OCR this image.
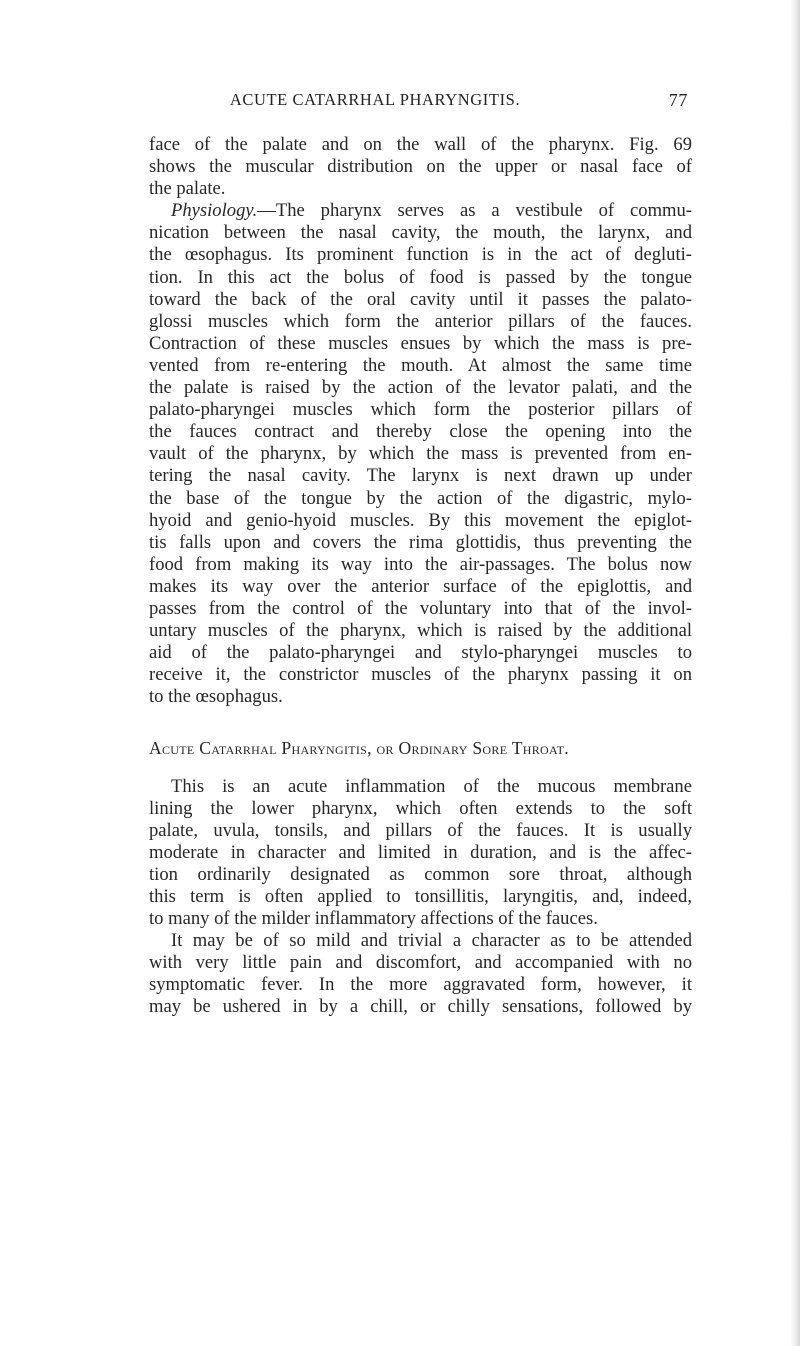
ACUTE CATARRHAL PHARYNGITIS.	77
face of the palate and on the wall of the pharynx. Fig. 69
shows the muscular distribution on the upper or nasal face of
the palate.
Physiology.—The pharynx serves as a vestibule of commu-
nication between the nasal cavity, the mouth, the larynx, and
the œsophagus. Its prominent function is in the act of degluti-
tion. In this act the bolus of food is passed by the tongue
toward the back of the oral cavity until it passes the palato-
glossi muscles which form the anterior pillars of the fauces.
Contraction of these muscles ensues by which the mass is pre-
vented from re-entering the mouth. At almost the same time
the palate is raised by the action of the levator palati, and the
palato-pharyngei muscles which form the posterior pillars of
the fauces contract and thereby close the opening into the
vault of the pharynx, by which the mass is prevented from en-
tering the nasal cavity. The larynx is next drawn up under
the base of the tongue by the action of the digastric, mylo-
hyoid and genio-hyoid muscles. By this movement the epiglot-
tis falls upon and covers the rima glottidis, thus preventing the
food from making its way into the air-passages. The bolus now
makes its way over the anterior surface of the epiglottis, and
passes from the control of the voluntary into that of the invol-
untary muscles of the pharynx, which is raised by the additional
aid of the palato-pharyngei and stylo-pharyngei muscles to
receive it, the constrictor muscles of the pharynx passing it on
to the œsophagus.
Acute Catarrhal Pharyngitis, or Ordinary Sore Throat.
This is an acute inflammation of the mucous membrane
lining the lower pharynx, which often extends to the soft
palate, uvula, tonsils, and pillars of the fauces. It is usually
moderate in character and limited in duration, and is the affec-
tion ordinarily designated as common sore throat, although
this term is often applied to tonsillitis, laryngitis, and, indeed,
to many of the milder inflammatory affections of the fauces.
It may be of so mild and trivial a character as to be attended
with very little pain and discomfort, and accompanied with no
symptomatic fever. In the more aggravated form, however, it
may be ushered in by a chill, or chilly sensations, followed by
